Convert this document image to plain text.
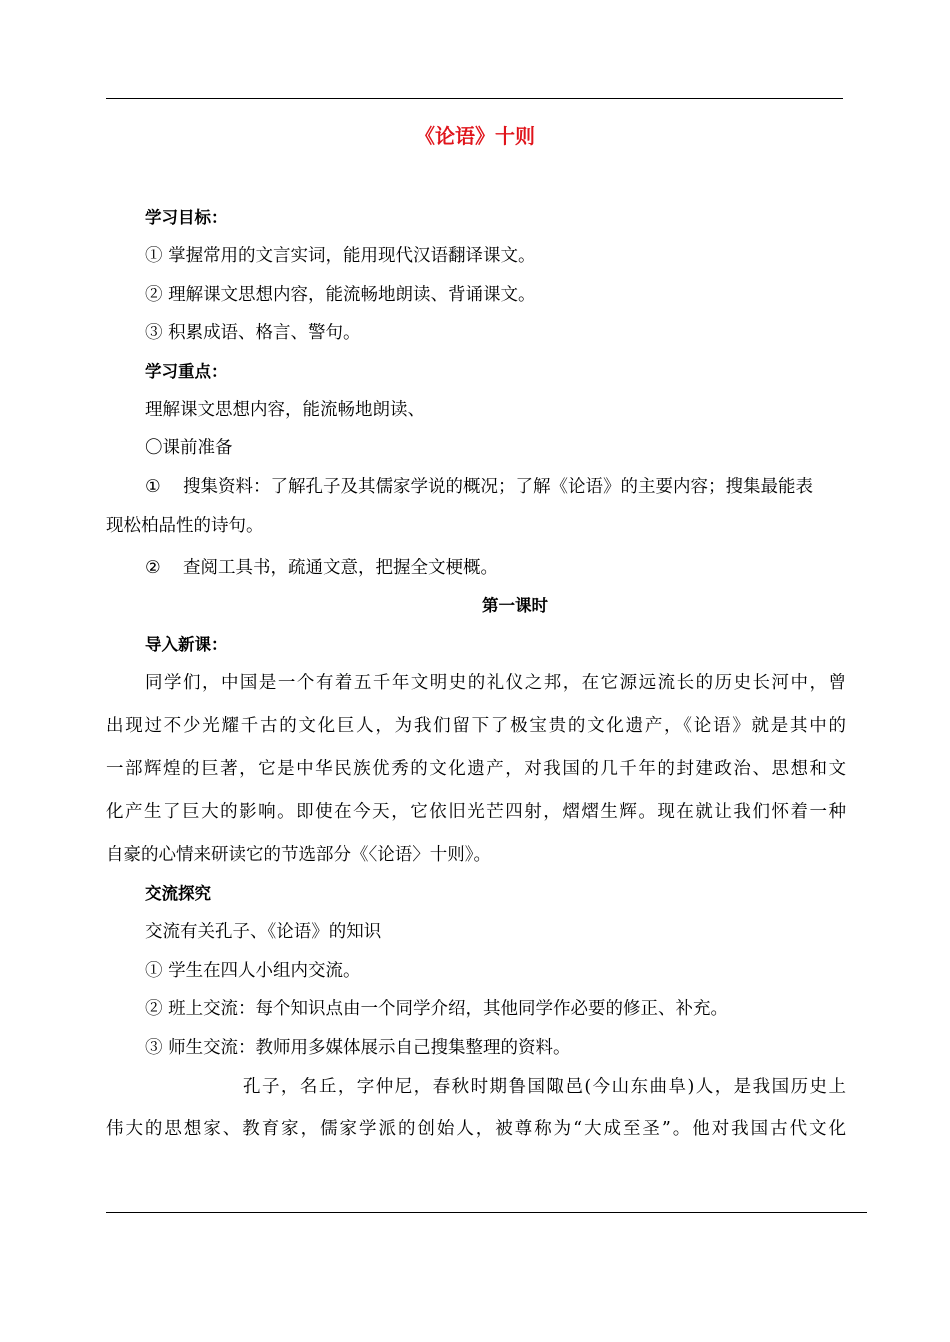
《论语》十则
学习目标：
① 掌握常用的文言实词，能用现代汉语翻译课文。
② 理解课文思想内容，能流畅地朗读、背诵课文。
③ 积累成语、格言、警句。
学习重点：
理解课文思想内容，能流畅地朗读、
〇课前准备
① 搜集资料：了解孔子及其儒家学说的概况；了解《论语》的主要内容；搜集最能表
现松柏品性的诗句。
② 查阅工具书，疏通文意，把握全文梗概。
第一课时
导入新课：
同学们，中国是一个有着五千年文明史的礼仪之邦，在它源远流长的历史长河中，曾
出现过不少光耀千古的文化巨人，为我们留下了极宝贵的文化遗产，《论语》就是其中的
一部辉煌的巨著，它是中华民族优秀的文化遗产，对我国的几千年的封建政治、思想和文
化产生了巨大的影响。即使在今天，它依旧光芒四射，熠熠生辉。现在就让我们怀着一种
自豪的心情来研读它的节选部分《〈论语〉十则》。
交流探究
交流有关孔子、《论语》的知识
① 学生在四人小组内交流。
② 班上交流：每个知识点由一个同学介绍，其他同学作必要的修正、补充。
③ 师生交流：教师用多媒体展示自己搜集整理的资料。
孔子，名丘，字仲尼，春秋时期鲁国陬邑(今山东曲阜)人，是我国历史上
伟大的思想家、教育家，儒家学派的创始人，被尊称为“大成至圣”。他对我国古代文化
